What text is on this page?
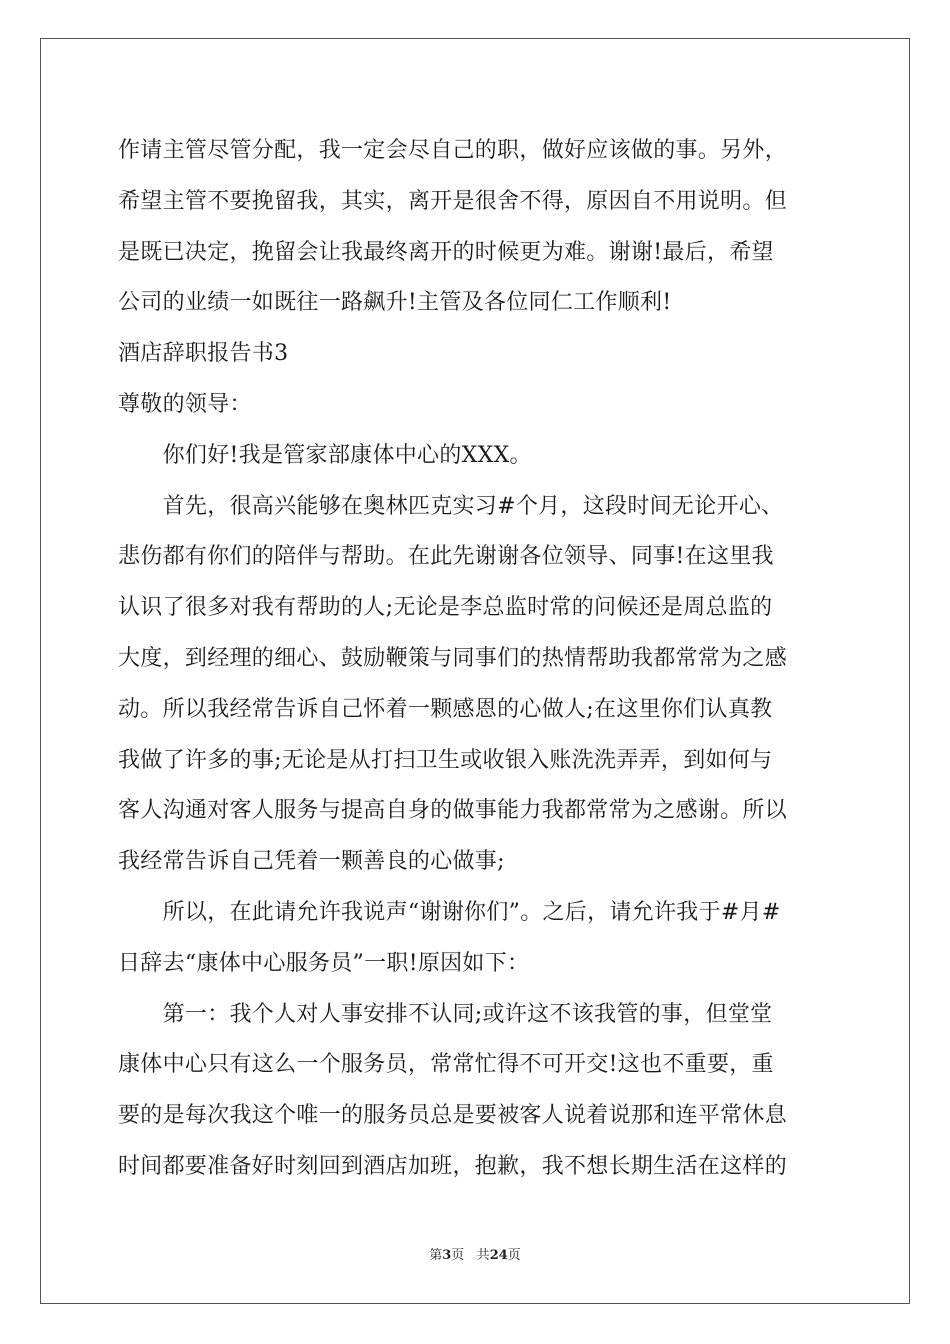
作请主管尽管分配，我一定会尽自己的职，做好应该做的事。另外，
希望主管不要挽留我，其实，离开是很舍不得，原因自不用说明。但
是既已决定，挽留会让我最终离开的时候更为难。谢谢!最后，希望
公司的业绩一如既往一路飙升!主管及各位同仁工作顺利!
酒店辞职报告书3
尊敬的领导：
　　你们好!我是管家部康体中心的XXX。
　　首先，很高兴能够在奥林匹克实习#个月，这段时间无论开心、
悲伤都有你们的陪伴与帮助。在此先谢谢各位领导、同事!在这里我
认识了很多对我有帮助的人;无论是李总监时常的问候还是周总监的
大度，到经理的细心、鼓励鞭策与同事们的热情帮助我都常常为之感
动。所以我经常告诉自己怀着一颗感恩的心做人;在这里你们认真教
我做了许多的事;无论是从打扫卫生或收银入账洗洗弄弄，到如何与
客人沟通对客人服务与提高自身的做事能力我都常常为之感谢。所以
我经常告诉自己凭着一颗善良的心做事;
　　所以，在此请允许我说声“谢谢你们”。之后，请允许我于#月#
日辞去“康体中心服务员”一职!原因如下：
　　第一：我个人对人事安排不认同;或许这不该我管的事，但堂堂
康体中心只有这么一个服务员，常常忙得不可开交!这也不重要，重
要的是每次我这个唯一的服务员总是要被客人说着说那和连平常休息
时间都要准备好时刻回到酒店加班，抱歉，我不想长期生活在这样的
第3页 共24页
